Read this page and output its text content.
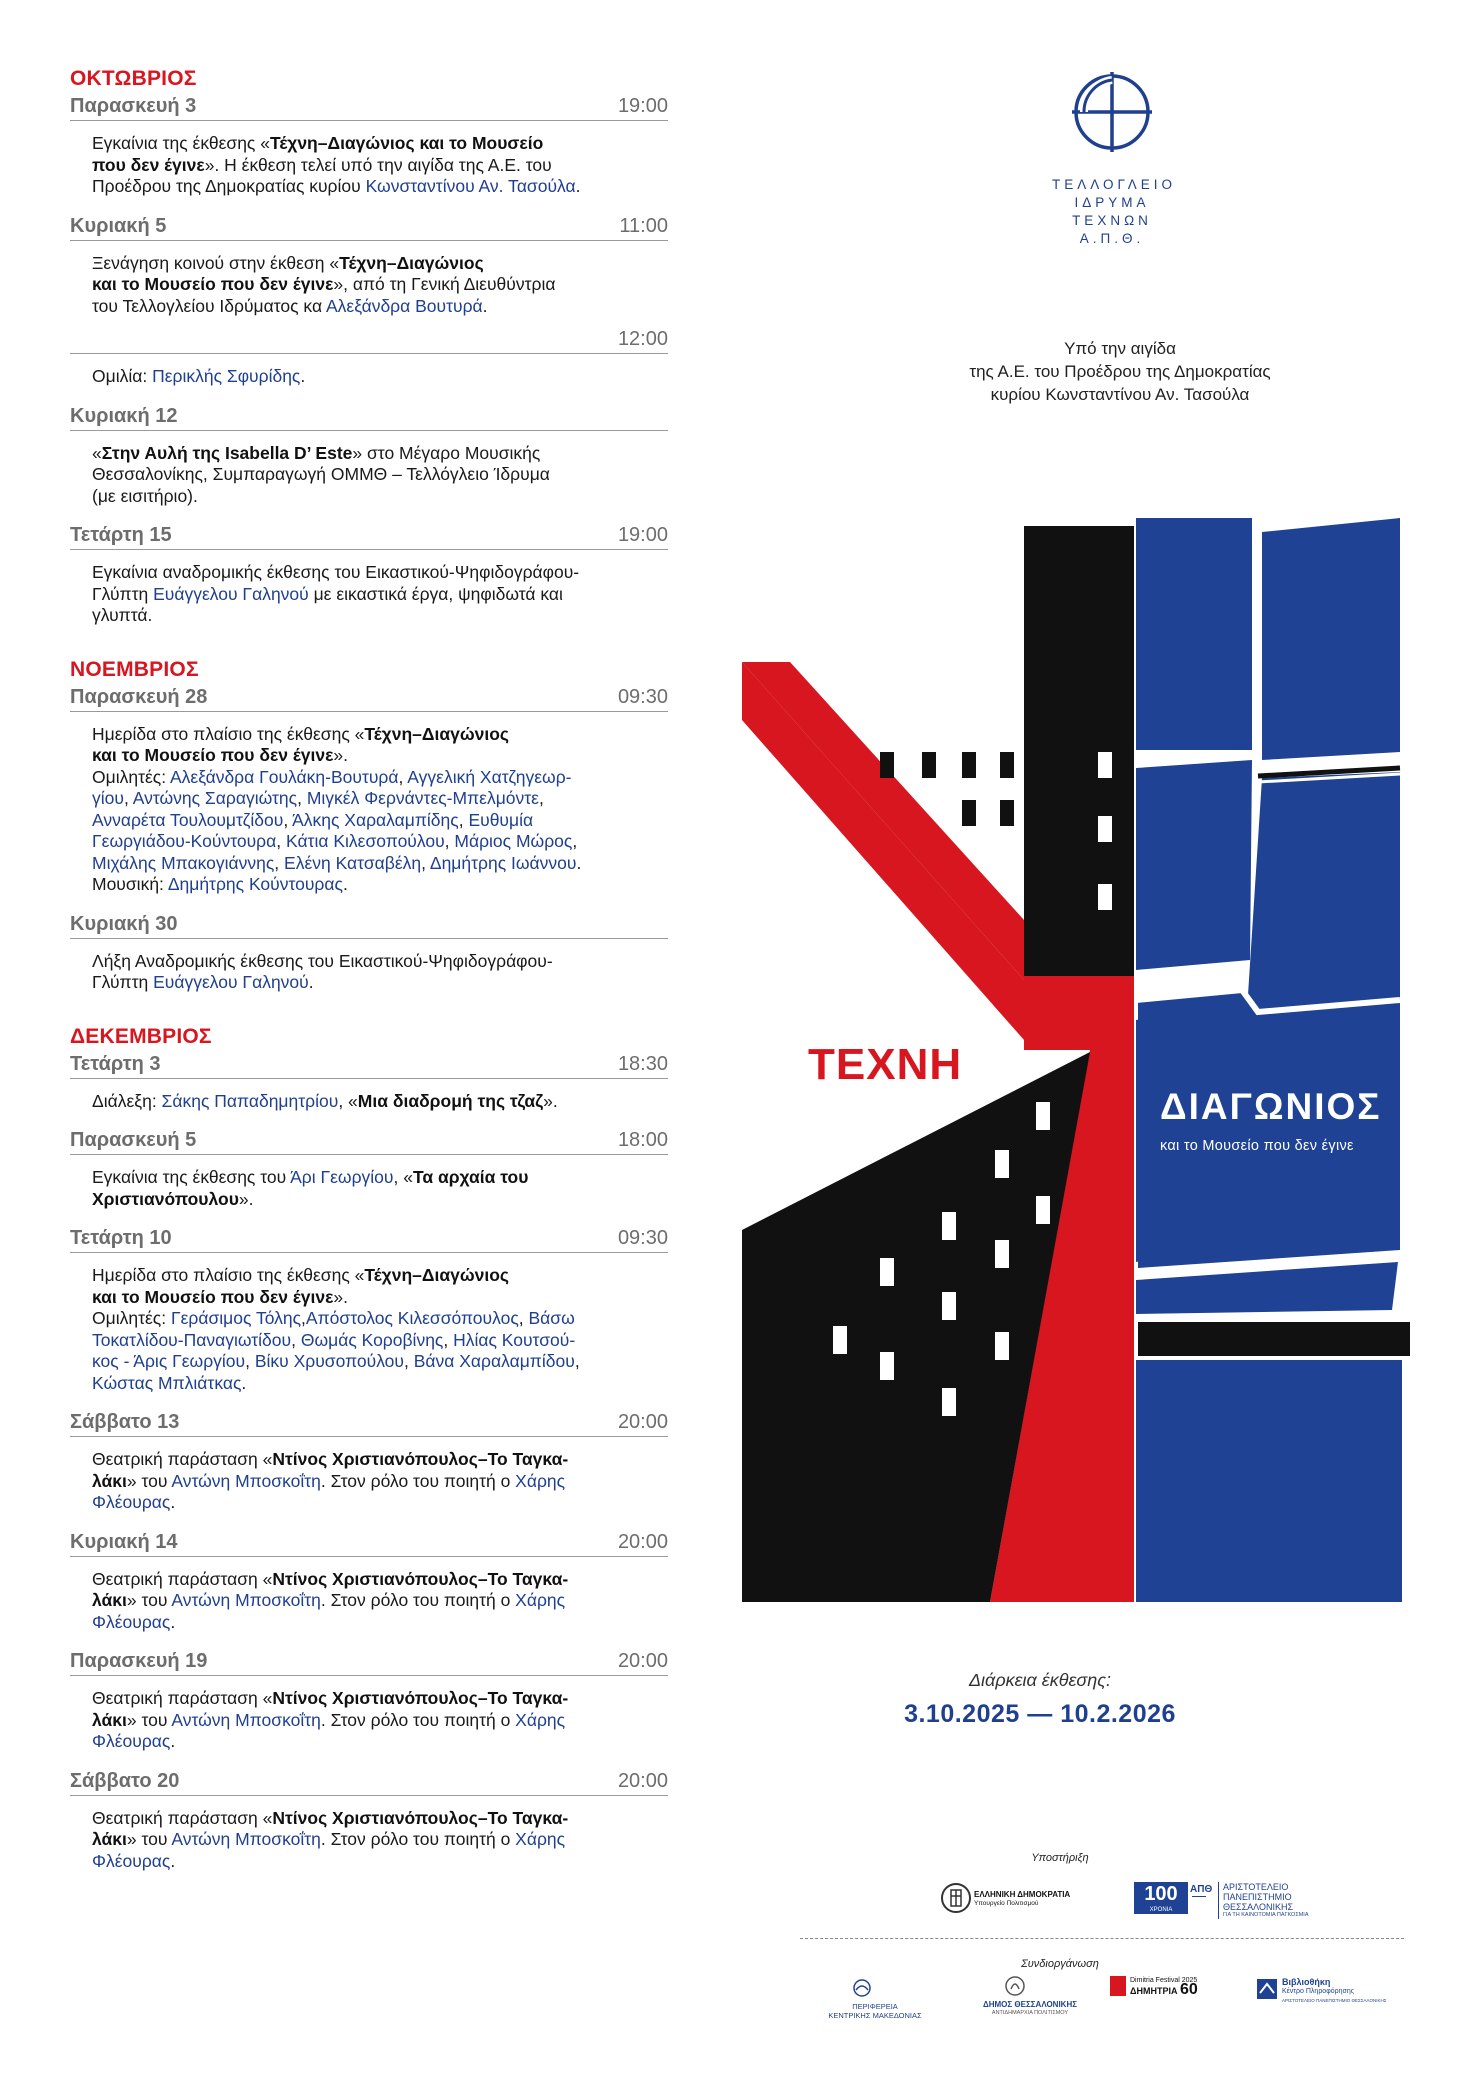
ΟΚΤΩΒΡΙΟΣ
Παρασκευή 3	19:00
Εγκαίνια της έκθεσης «Τέχνη–Διαγώνιος και το Μουσείο
που δεν έγινε». Η έκθεση τελεί υπό την αιγίδα της Α.Ε. του
Προέδρου της Δημοκρατίας κυρίου Κωνσταντίνου Αν. Τασούλα.
Κυριακή 5	11:00
Ξενάγηση κοινού στην έκθεση «Τέχνη–Διαγώνιος
και το Μουσείο που δεν έγινε», από τη Γενική Διευθύντρια
του Τελλογλείου Ιδρύματος κα Αλεξάνδρα Βουτυρά.
12:00
Ομιλία: Περικλής Σφυρίδης.
Κυριακή 12
«Στην Αυλή της Isabella D’ Este» στο Μέγαρο Μουσικής
Θεσσαλονίκης, Συμπαραγωγή ΟΜΜΘ – Τελλόγλειο Ίδρυμα
(με εισιτήριο).
Τετάρτη 15	19:00
Εγκαίνια αναδρομικής έκθεσης του Εικαστικού-Ψηφιδογράφου-
Γλύπτη Ευάγγελου Γαληνού με εικαστικά έργα, ψηφιδωτά και
γλυπτά.
ΝΟΕΜΒΡΙΟΣ
Παρασκευή 28	09:30
Ημερίδα στο πλαίσιο της έκθεσης «Τέχνη–Διαγώνιος
και το Μουσείο που δεν έγινε».
Ομιλητές: Αλεξάνδρα Γουλάκη-Βουτυρά, Αγγελική Χατζηγεωρ-
γίου, Αντώνης Σαραγιώτης, Μιγκέλ Φερνάντες-Μπελμόντε,
Ανναρέτα Τουλουμτζίδου, Άλκης Χαραλαμπίδης, Ευθυμία
Γεωργιάδου-Κούντουρα, Κάτια Κιλεσοπούλου, Μάριος Μώρος,
Μιχάλης Μπακογιάννης, Ελένη Κατσαβέλη, Δημήτρης Ιωάννου.
Μουσική: Δημήτρης Κούντουρας.
Κυριακή 30
Λήξη Αναδρομικής έκθεσης του Εικαστικού-Ψηφιδογράφου-
Γλύπτη Ευάγγελου Γαληνού.
ΔΕΚΕΜΒΡΙΟΣ
Τετάρτη 3	18:30
Διάλεξη: Σάκης Παπαδημητρίου, «Μια διαδρομή της τζαζ».
Παρασκευή 5	18:00
Εγκαίνια της έκθεσης του Άρι Γεωργίου, «Τα αρχαία του
Χριστιανόπουλου».
Τετάρτη 10	09:30
Ημερίδα στο πλαίσιο της έκθεσης «Τέχνη–Διαγώνιος
και το Μουσείο που δεν έγινε».
Ομιλητές: Γεράσιμος Τόλης,Απόστολος Κιλεσσόπουλος, Βάσω
Τοκατλίδου-Παναγιωτίδου, Θωμάς Κοροβίνης, Ηλίας Κουτσού-
κος - Άρις Γεωργίου, Βίκυ Χρυσοπούλου, Βάνα Χαραλαμπίδου,
Κώστας Μπλιάτκας.
Σάββατο 13	20:00
Θεατρική παράσταση «Ντίνος Χριστιανόπουλος–Το Ταγκα-
λάκι» του Αντώνη Μποσκοΐτη. Στον ρόλο του ποιητή ο Χάρης
Φλέουρας.
Κυριακή 14	20:00
Θεατρική παράσταση «Ντίνος Χριστιανόπουλος–Το Ταγκα-
λάκι» του Αντώνη Μποσκοΐτη. Στον ρόλο του ποιητή ο Χάρης
Φλέουρας.
Παρασκευή 19	20:00
Θεατρική παράσταση «Ντίνος Χριστιανόπουλος–Το Ταγκα-
λάκι» του Αντώνη Μποσκοΐτη. Στον ρόλο του ποιητή ο Χάρης
Φλέουρας.
Σάββατο 20	20:00
Θεατρική παράσταση «Ντίνος Χριστιανόπουλος–Το Ταγκα-
λάκι» του Αντώνη Μποσκοΐτη. Στον ρόλο του ποιητή ο Χάρης
Φλέουρας.
ΤΕΛΛΟΓΛΕΙΟ
ΙΔΡΥΜΑ
ΤΕΧΝΩΝ
Α.Π.Θ.
Υπό την αιγίδα
της Α.Ε. του Προέδρου της Δημοκρατίας
κυρίου Κωνσταντίνου Αν. Τασούλα
ΤΕΧΝΗ
ΔΙΑΓΩΝΙΟΣ
και το Μουσείο που δεν έγινε
Διάρκεια έκθεσης:
3.10.2025 — 10.2.2026
Υποστήριξη
ΕΛΛΗΝΙΚΗ ΔΗΜΟΚΡΑΤΙΑ
Υπουργείο Πολιτισμού	100
ΧΡΟΝΙΑ
ΑΠΘ ΑΡΙΣΤΟΤΕΛΕΙΟ ΠΑΝΕΠΙΣΤΗΜΙΟ ΘΕΣΣΑΛΟΝΙΚΗΣ
ΓΙΑ ΤΗ ΚΑΙΝΟΤΟΜΙΑ ΠΑΓΚΟΣΜΙΑ
Συνδιοργάνωση
ΠΕΡΙΦΕΡΕΙΑ
ΚΕΝΤΡΙΚΗΣ ΜΑΚΕΔΟΝΙΑΣ
ΔΗΜΟΣ ΘΕΣΣΑΛΟΝΙΚΗΣ
ΑΝΤΙΔΗΜΑΡΧΙΑ ΠΟΛΙΤΙΣΜΟΥ
Dimitria Festival 2025
ΔΗΜΗΤΡΙΑ 60	Βιβλιοθήκη
Κέντρο Πληροφόρησης
ΑΡΙΣΤΟΤΕΛΕΙΟ ΠΑΝΕΠΙΣΤΗΜΙΟ ΘΕΣΣΑΛΟΝΙΚΗΣ
